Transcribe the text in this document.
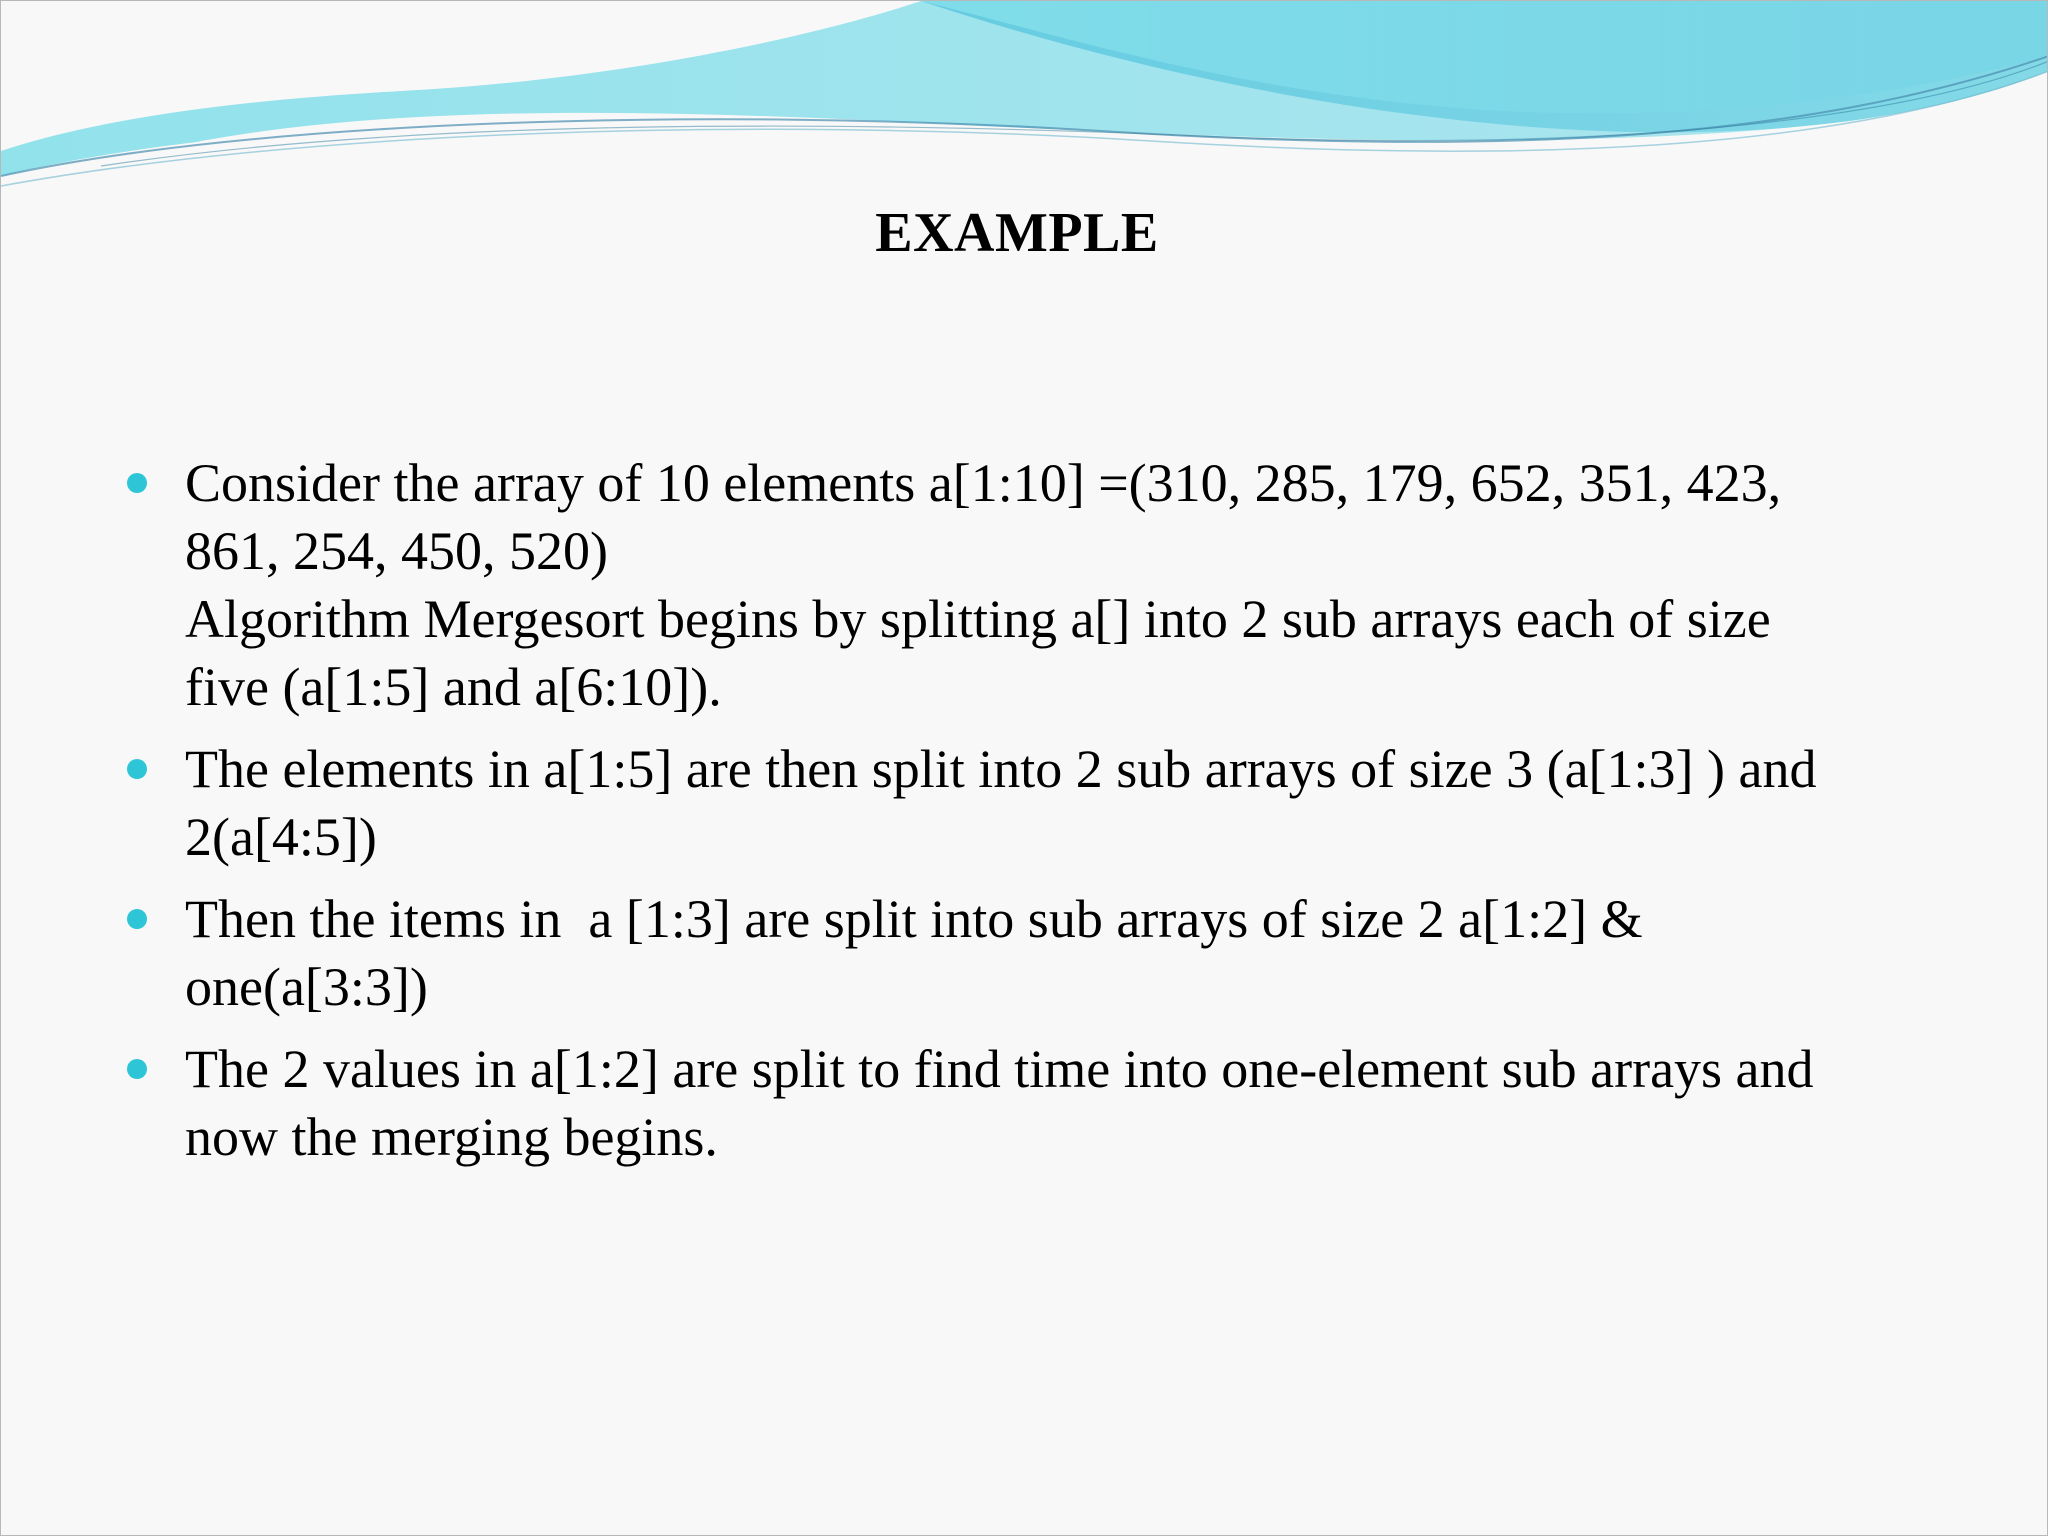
EXAMPLE
Consider the array of 10 elements a[1:10] =(310, 285, 179, 652, 351, 423,
861, 254, 450, 520)
Algorithm Mergesort begins by splitting a[] into 2 sub arrays each of size
five (a[1:5] and a[6:10]).
The elements in a[1:5] are then split into 2 sub arrays of size 3 (a[1:3] ) and
2(a[4:5])
Then the items in  a [1:3] are split into sub arrays of size 2 a[1:2] &
one(a[3:3])
The 2 values in a[1:2] are split to find time into one-element sub arrays and
now the merging begins.
